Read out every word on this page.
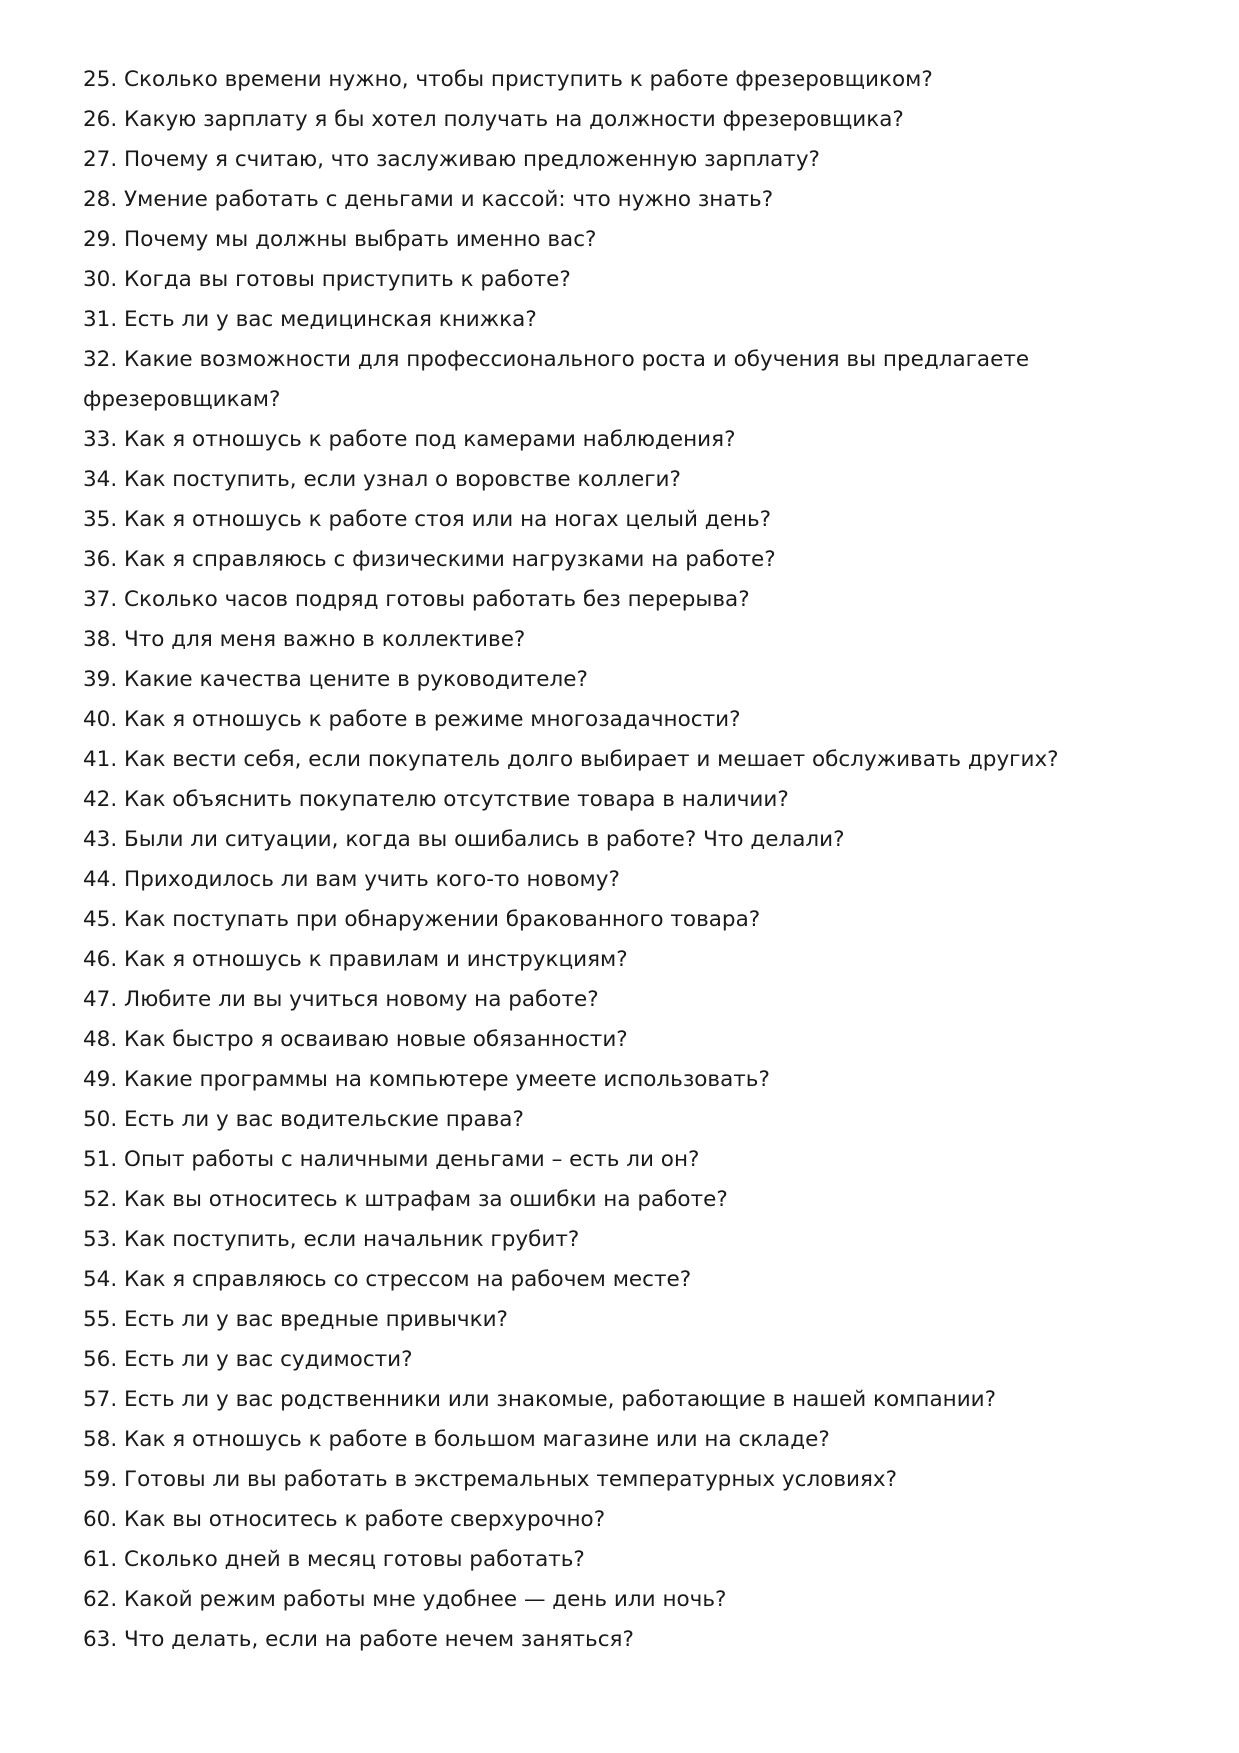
25. Сколько времени нужно, чтобы приступить к работе фрезеровщиком?
26. Какую зарплату я бы хотел получать на должности фрезеровщика?
27. Почему я считаю, что заслуживаю предложенную зарплату?
28. Умение работать с деньгами и кассой: что нужно знать?
29. Почему мы должны выбрать именно вас?
30. Когда вы готовы приступить к работе?
31. Есть ли у вас медицинская книжка?
32. Какие возможности для профессионального роста и обучения вы предлагаете фрезеровщикам?
33. Как я отношусь к работе под камерами наблюдения?
34. Как поступить, если узнал о воровстве коллеги?
35. Как я отношусь к работе стоя или на ногах целый день?
36. Как я справляюсь с физическими нагрузками на работе?
37. Сколько часов подряд готовы работать без перерыва?
38. Что для меня важно в коллективе?
39. Какие качества цените в руководителе?
40. Как я отношусь к работе в режиме многозадачности?
41. Как вести себя, если покупатель долго выбирает и мешает обслуживать других?
42. Как объяснить покупателю отсутствие товара в наличии?
43. Были ли ситуации, когда вы ошибались в работе? Что делали?
44. Приходилось ли вам учить кого-то новому?
45. Как поступать при обнаружении бракованного товара?
46. Как я отношусь к правилам и инструкциям?
47. Любите ли вы учиться новому на работе?
48. Как быстро я осваиваю новые обязанности?
49. Какие программы на компьютере умеете использовать?
50. Есть ли у вас водительские права?
51. Опыт работы с наличными деньгами – есть ли он?
52. Как вы относитесь к штрафам за ошибки на работе?
53. Как поступить, если начальник грубит?
54. Как я справляюсь со стрессом на рабочем месте?
55. Есть ли у вас вредные привычки?
56. Есть ли у вас судимости?
57. Есть ли у вас родственники или знакомые, работающие в нашей компании?
58. Как я отношусь к работе в большом магазине или на складе?
59. Готовы ли вы работать в экстремальных температурных условиях?
60. Как вы относитесь к работе сверхурочно?
61. Сколько дней в месяц готовы работать?
62. Какой режим работы мне удобнее — день или ночь?
63. Что делать, если на работе нечем заняться?
